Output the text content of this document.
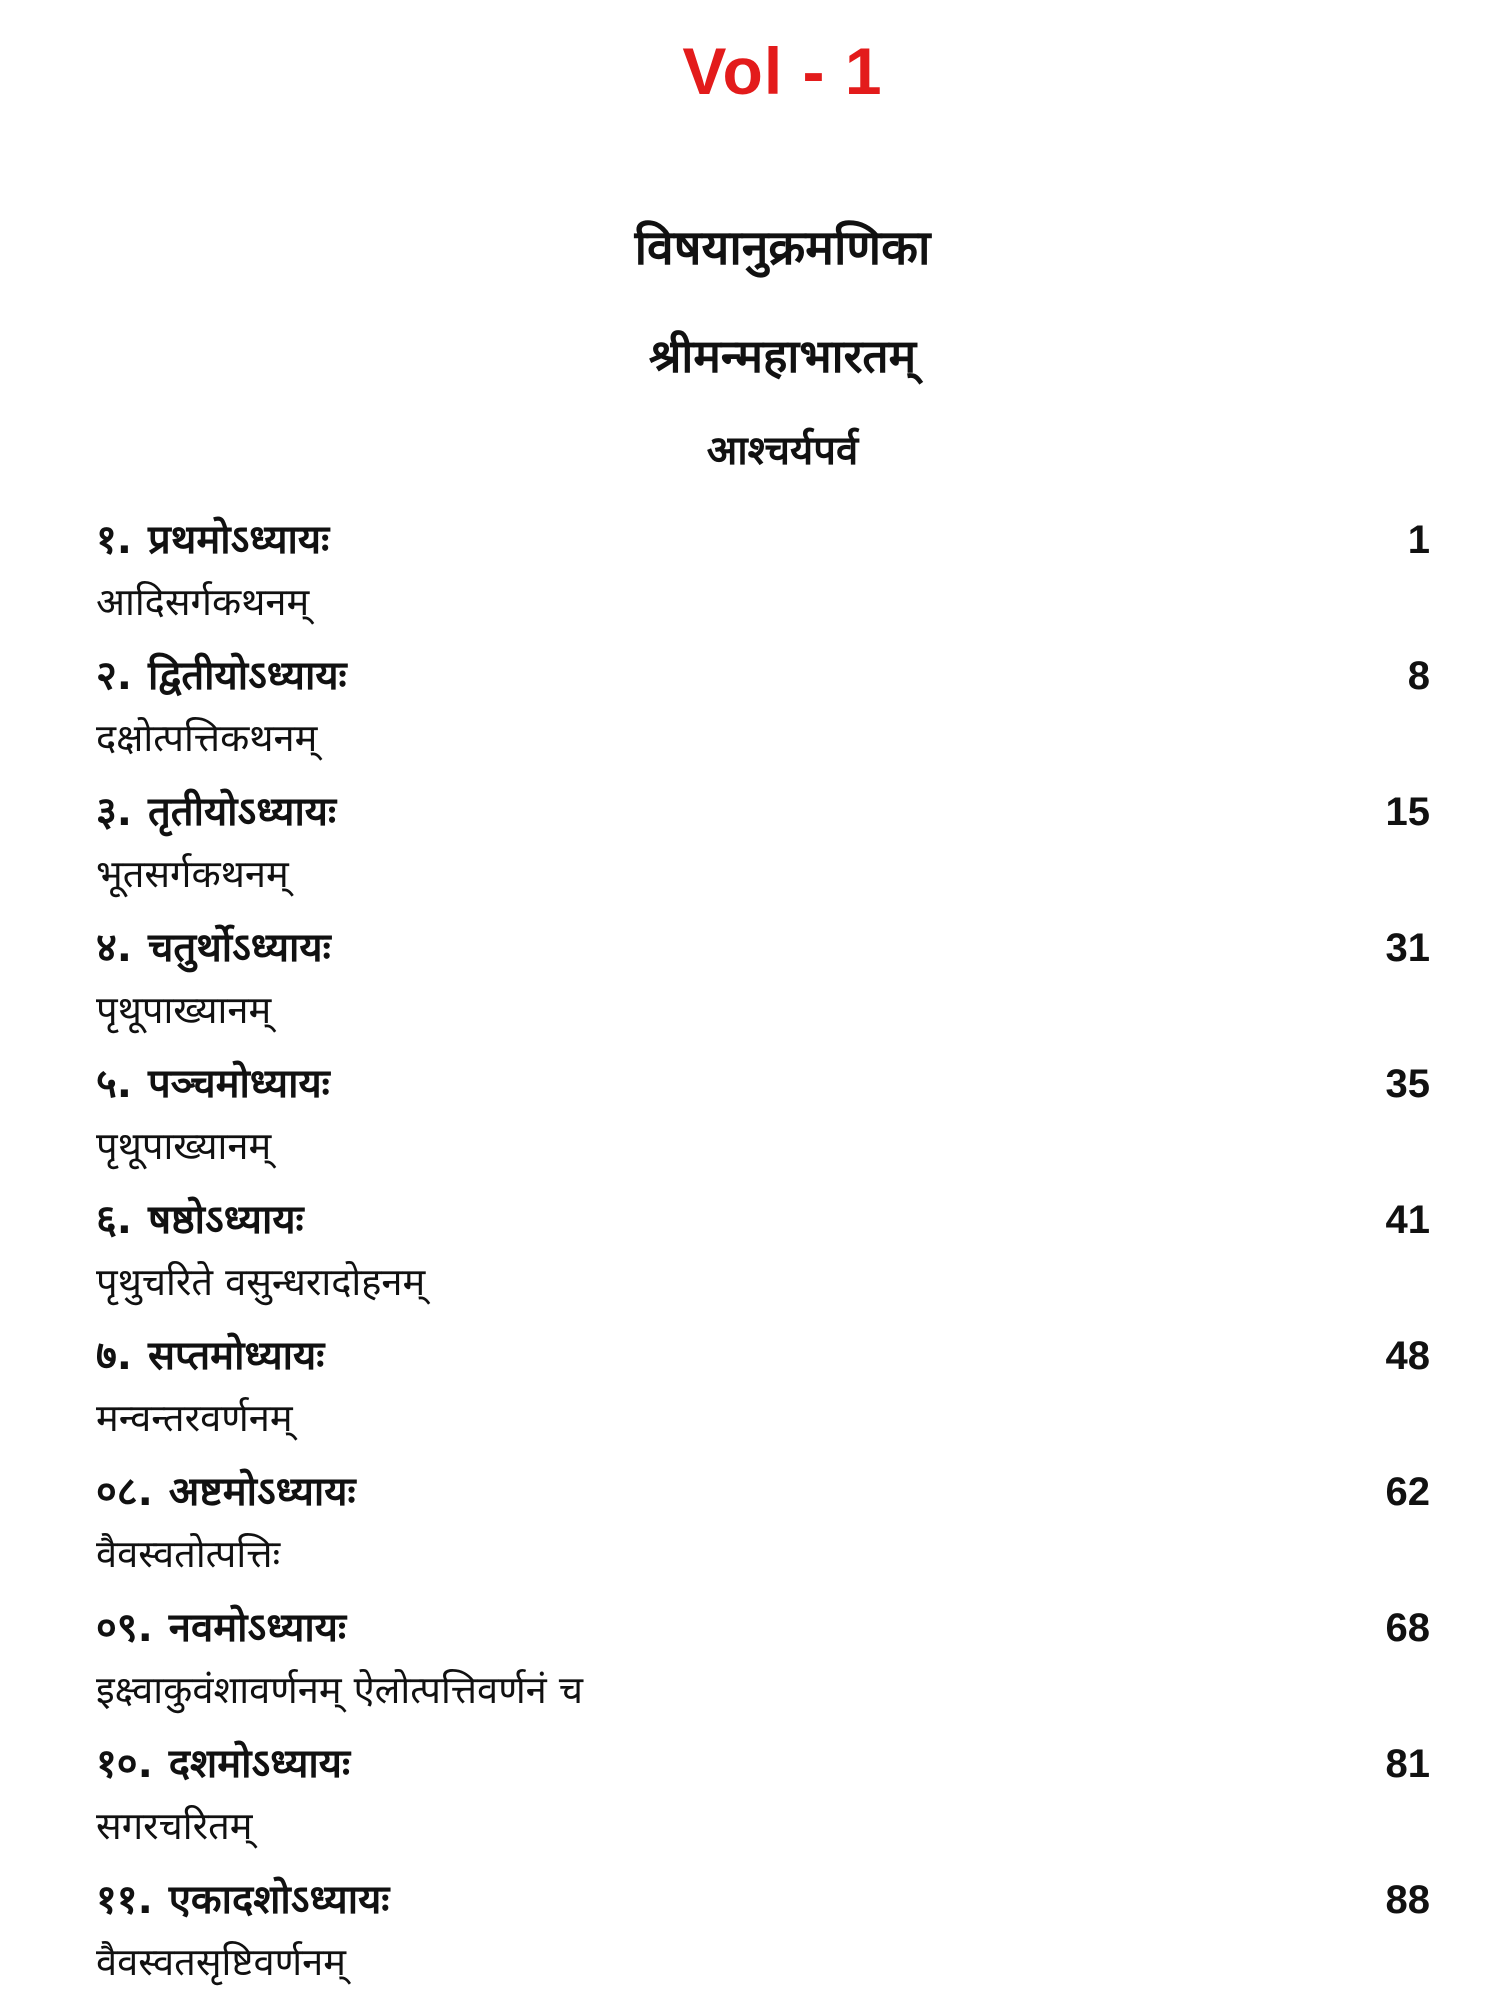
Vol - 1
विषयानुक्रमणिका
श्रीमन्महाभारतम्
आश्चर्यपर्व
१. प्रथमोऽध्यायः	1
आदिसर्गकथनम्
२. द्वितीयोऽध्यायः	8
दक्षोत्पत्तिकथनम्
३. तृतीयोऽध्यायः	15
भूतसर्गकथनम्
४. चतुर्थोऽध्यायः	31
पृथूपाख्यानम्
५. पञ्चमोध्यायः	35
पृथूपाख्यानम्
६. षष्ठोऽध्यायः	41
पृथुचरिते वसुन्धरादोहनम्
७. सप्तमोध्यायः	48
मन्वन्तरवर्णनम्
०८. अष्टमोऽध्यायः	62
वैवस्वतोत्पत्तिः
०९. नवमोऽध्यायः	68
इक्ष्वाकुवंशावर्णनम् ऐलोत्पत्तिवर्णनं च
१०. दशमोऽध्यायः	81
सगरचरितम्
११. एकादशोऽध्यायः	88
वैवस्वतसृष्टिवर्णनम्
